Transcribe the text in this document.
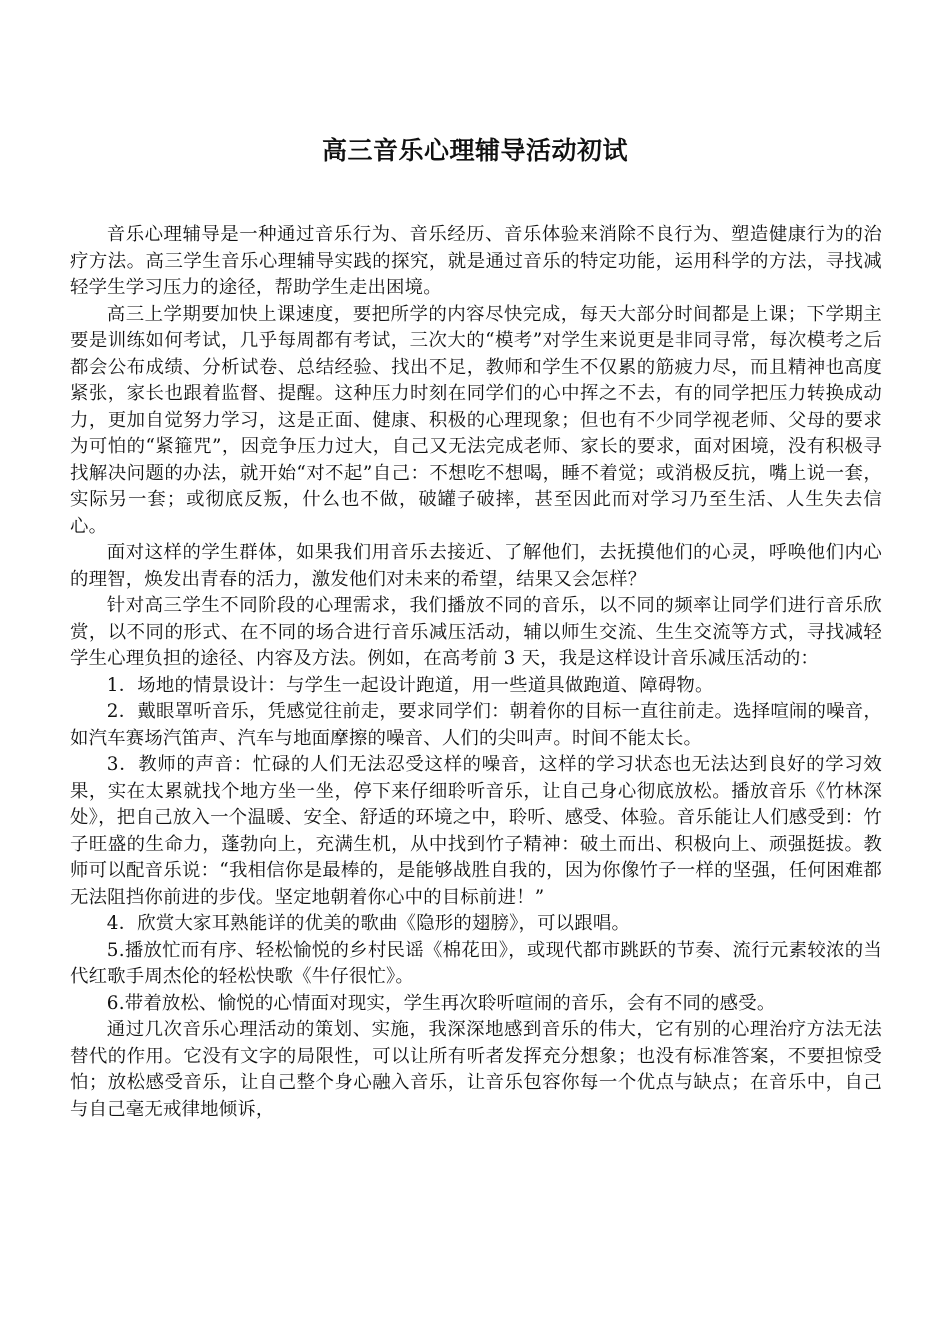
高三音乐心理辅导活动初试

音乐心理辅导是一种通过音乐行为、音乐经历、音乐体验来消除不良行为、塑造健康行为的治疗方法。高三学生音乐心理辅导实践的探究，就是通过音乐的特定功能，运用科学的方法，寻找减轻学生学习压力的途径，帮助学生走出困境。

高三上学期要加快上课速度，要把所学的内容尽快完成，每天大部分时间都是上课；下学期主要是训练如何考试，几乎每周都有考试，三次大的“模考”对学生来说更是非同寻常，每次模考之后都会公布成绩、分析试卷、总结经验、找出不足，教师和学生不仅累的筋疲力尽，而且精神也高度紧张，家长也跟着监督、提醒。这种压力时刻在同学们的心中挥之不去，有的同学把压力转换成动力，更加自觉努力学习，这是正面、健康、积极的心理现象；但也有不少同学视老师、父母的要求为可怕的“紧箍咒”，因竞争压力过大，自己又无法完成老师、家长的要求，面对困境，没有积极寻找解决问题的办法，就开始“对不起”自己：不想吃不想喝，睡不着觉；或消极反抗，嘴上说一套，实际另一套；或彻底反叛，什么也不做，破罐子破摔，甚至因此而对学习乃至生活、人生失去信心。

面对这样的学生群体，如果我们用音乐去接近、了解他们，去抚摸他们的心灵，呼唤他们内心的理智，焕发出青春的活力，激发他们对未来的希望，结果又会怎样？

针对高三学生不同阶段的心理需求，我们播放不同的音乐，以不同的频率让同学们进行音乐欣赏，以不同的形式、在不同的场合进行音乐减压活动，辅以师生交流、生生交流等方式，寻找减轻学生心理负担的途径、内容及方法。例如，在高考前 3 天，我是这样设计音乐减压活动的：

1．场地的情景设计：与学生一起设计跑道，用一些道具做跑道、障碍物。

2．戴眼罩听音乐，凭感觉往前走，要求同学们：朝着你的目标一直往前走。选择喧闹的噪音，如汽车赛场汽笛声、汽车与地面摩擦的噪音、人们的尖叫声。时间不能太长。

3．教师的声音：忙碌的人们无法忍受这样的噪音，这样的学习状态也无法达到良好的学习效果，实在太累就找个地方坐一坐，停下来仔细聆听音乐，让自己身心彻底放松。播放音乐《竹林深处》，把自己放入一个温暖、安全、舒适的环境之中，聆听、感受、体验。音乐能让人们感受到：竹子旺盛的生命力，蓬勃向上，充满生机，从中找到竹子精神：破土而出、积极向上、顽强挺拔。教师可以配音乐说：“我相信你是最棒的，是能够战胜自我的，因为你像竹子一样的坚强，任何困难都无法阻挡你前进的步伐。坚定地朝着你心中的目标前进！”

4．欣赏大家耳熟能详的优美的歌曲《隐形的翅膀》，可以跟唱。

5.播放忙而有序、轻松愉悦的乡村民谣《棉花田》，或现代都市跳跃的节奏、流行元素较浓的当代红歌手周杰伦的轻松快歌《牛仔很忙》。

6.带着放松、愉悦的心情面对现实，学生再次聆听喧闹的音乐，会有不同的感受。

通过几次音乐心理活动的策划、实施，我深深地感到音乐的伟大，它有别的心理治疗方法无法替代的作用。它没有文字的局限性，可以让所有听者发挥充分想象；也没有标准答案，不要担惊受怕；放松感受音乐，让自己整个身心融入音乐，让音乐包容你每一个优点与缺点；在音乐中，自己与自己毫无戒律地倾诉，
